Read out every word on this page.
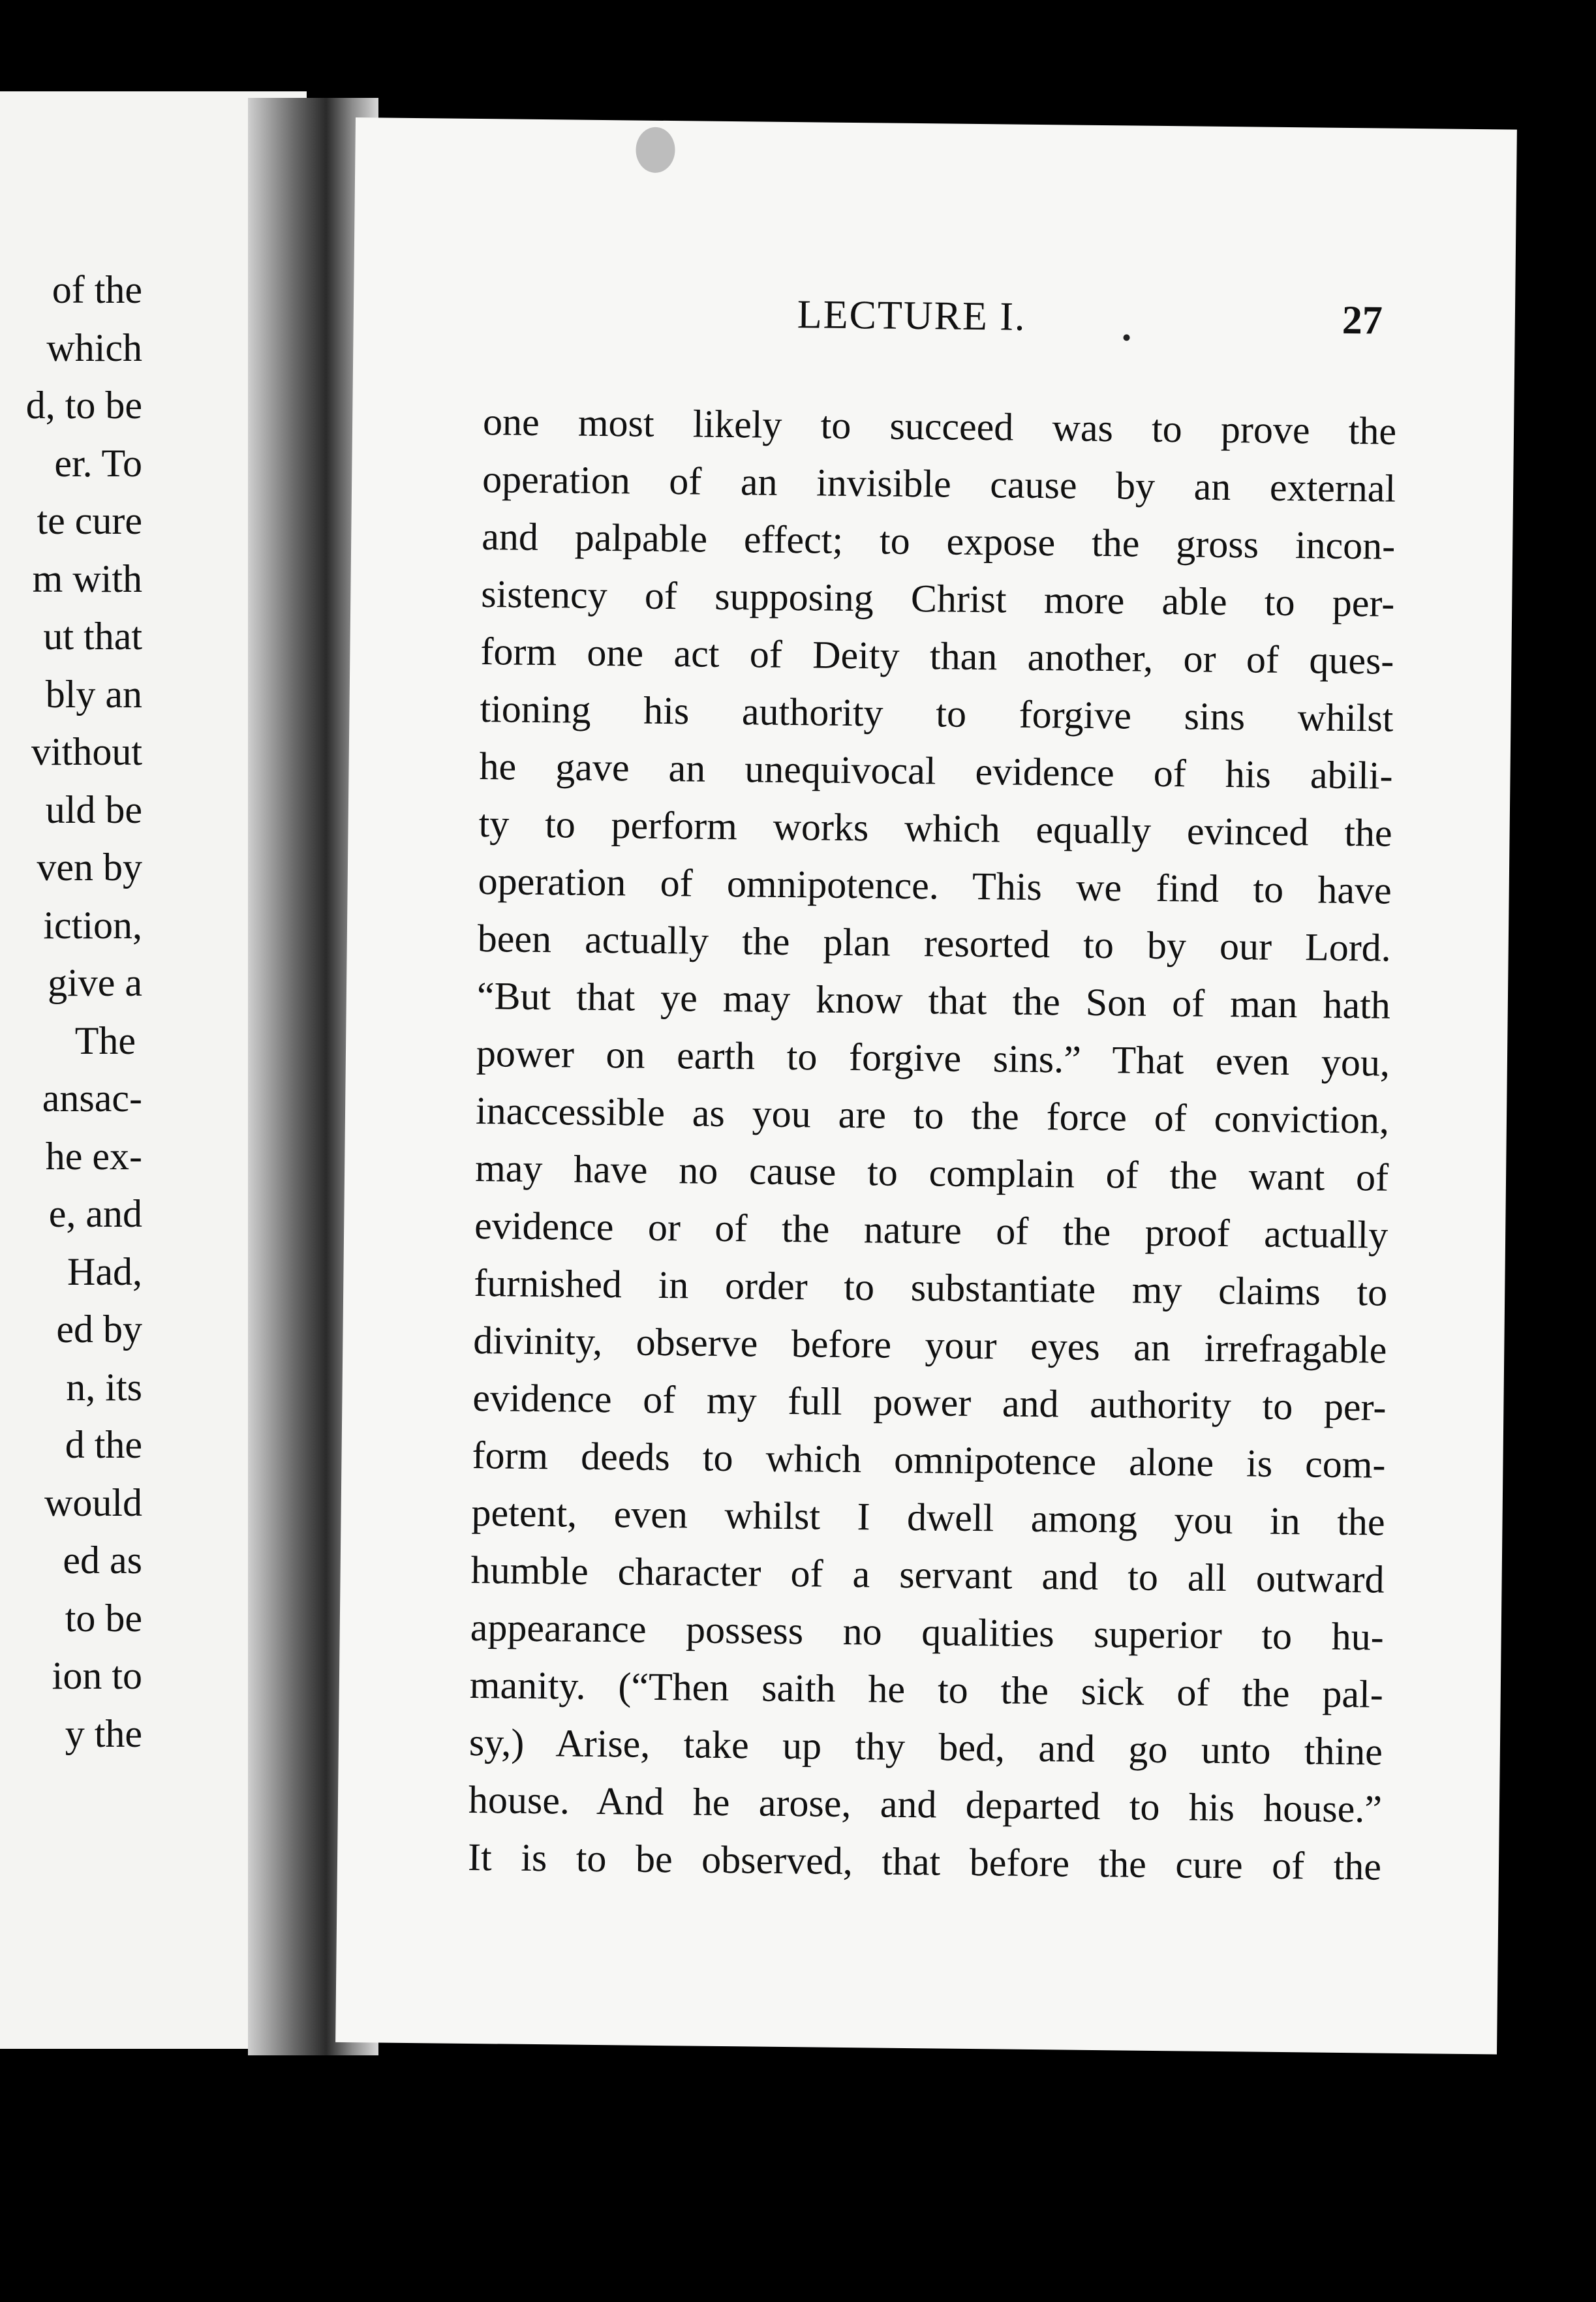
of the
which
d, to be
er. To
te cure
m with
ut that
bly an
vithout
uld be
ven by
iction,
give a
The
ansac-
he ex-
e, and
Had,
ed by
n, its
d the
would
ed as
to be
ion to
y the
LECTURE I.	27
one most likely to succeed was to prove the
operation of an invisible cause by an external
and palpable effect; to expose the gross incon-
sistency of supposing Christ more able to per-
form one act of Deity than another, or of ques-
tioning his authority to forgive sins whilst
he gave an unequivocal evidence of his abili-
ty to perform works which equally evinced the
operation of omnipotence. This we find to have
been actually the plan resorted to by our Lord.
“But that ye may know that the Son of man hath
power on earth to forgive sins.” That even you,
inaccessible as you are to the force of conviction,
may have no cause to complain of the want of
evidence or of the nature of the proof actually
furnished in order to substantiate my claims to
divinity, observe before your eyes an irrefragable
evidence of my full power and authority to per-
form deeds to which omnipotence alone is com-
petent, even whilst I dwell among you in the
humble character of a servant and to all outward
appearance possess no qualities superior to hu-
manity. (“Then saith he to the sick of the pal-
sy,) Arise, take up thy bed, and go unto thine
house. And he arose, and departed to his house.”
It is to be observed, that before the cure of the
